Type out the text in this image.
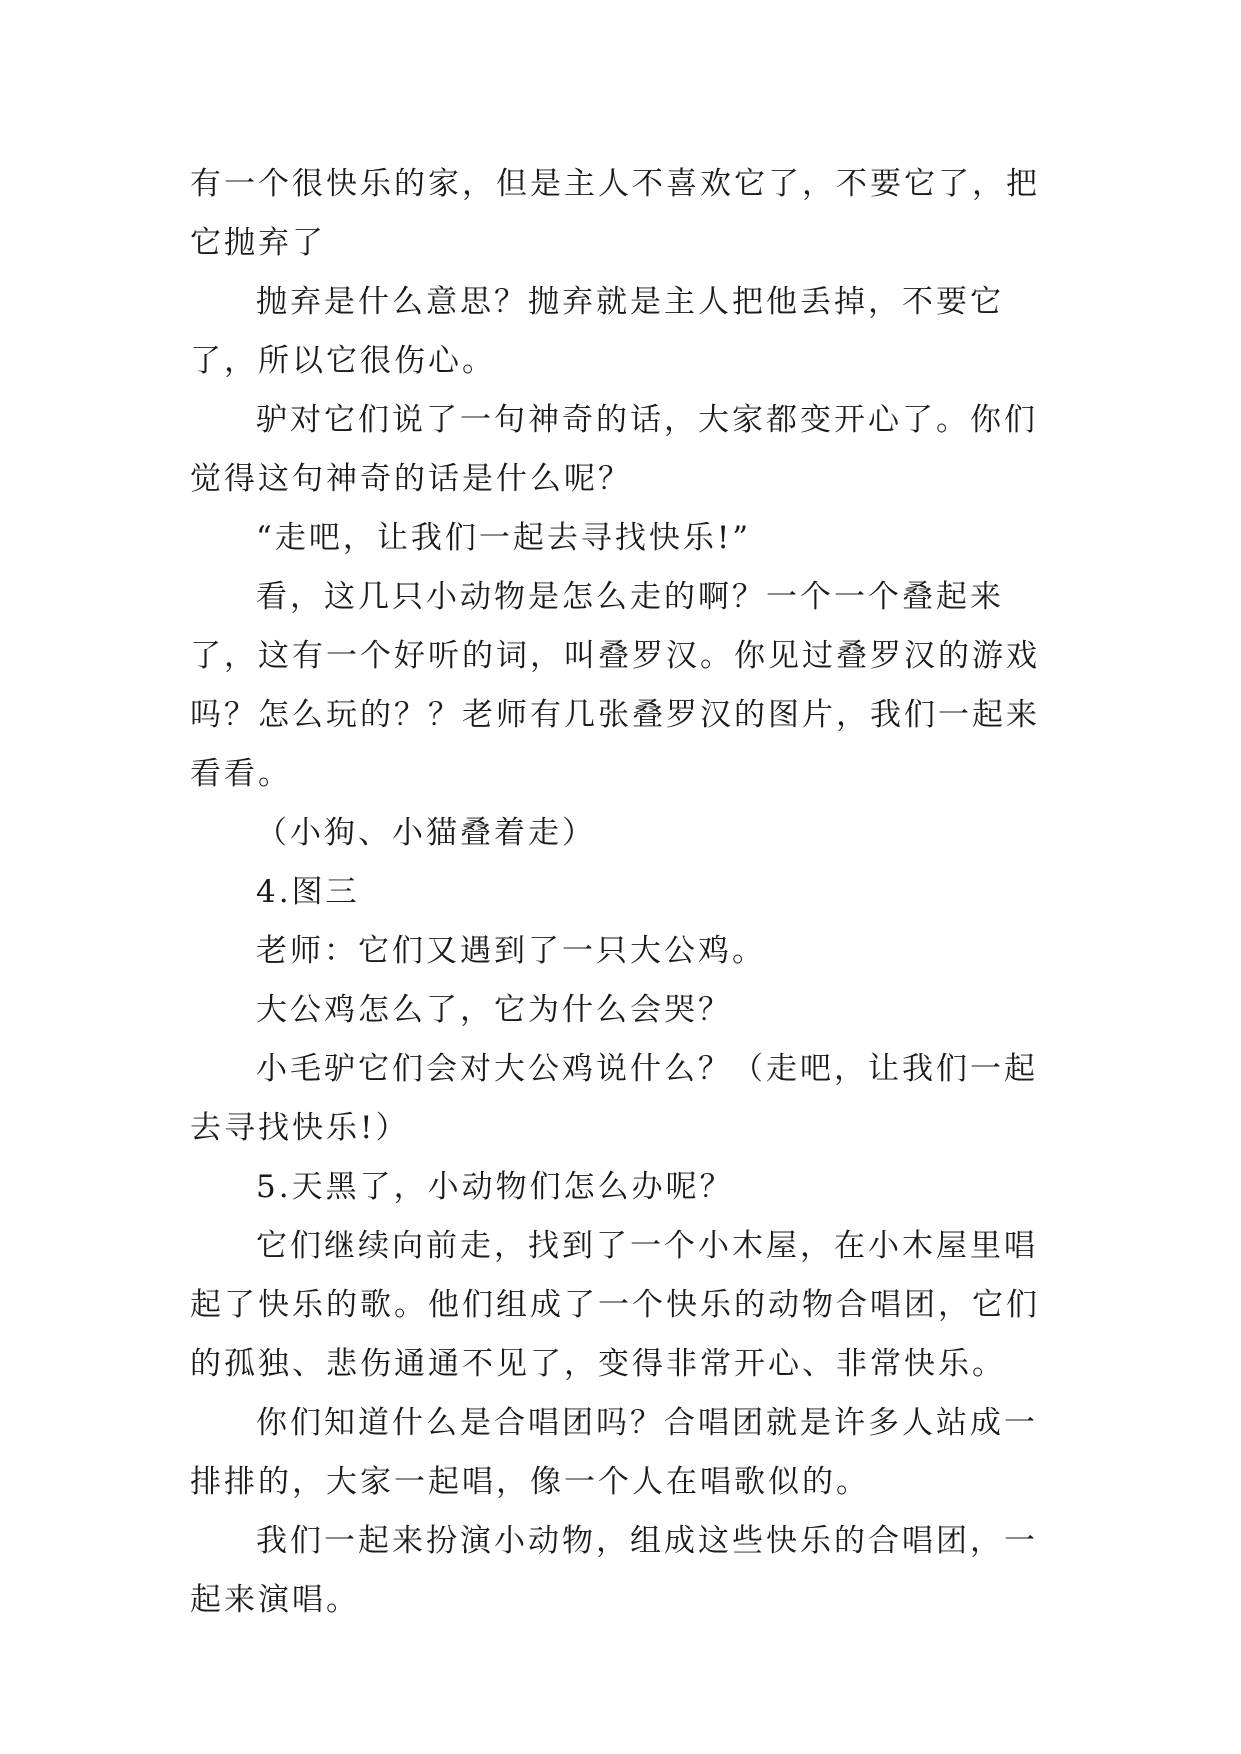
有一个很快乐的家，但是主人不喜欢它了，不要它了，把它抛弃了

抛弃是什么意思？抛弃就是主人把他丢掉，不要它了，所以它很伤心。

驴对它们说了一句神奇的话，大家都变开心了。你们觉得这句神奇的话是什么呢？

“走吧，让我们一起去寻找快乐!”

看，这几只小动物是怎么走的啊？一个一个叠起来了，这有一个好听的词，叫叠罗汉。你见过叠罗汉的游戏吗？怎么玩的？？老师有几张叠罗汉的图片，我们一起来看看。

（小狗、小猫叠着走）

4.图三

老师：它们又遇到了一只大公鸡。

大公鸡怎么了，它为什么会哭？

小毛驴它们会对大公鸡说什么？（走吧，让我们一起去寻找快乐!）

5.天黑了，小动物们怎么办呢？

它们继续向前走，找到了一个小木屋，在小木屋里唱起了快乐的歌。他们组成了一个快乐的动物合唱团，它们的孤独、悲伤通通不见了，变得非常开心、非常快乐。

你们知道什么是合唱团吗？合唱团就是许多人站成一排排的，大家一起唱，像一个人在唱歌似的。

我们一起来扮演小动物，组成这些快乐的合唱团，一起来演唱。
